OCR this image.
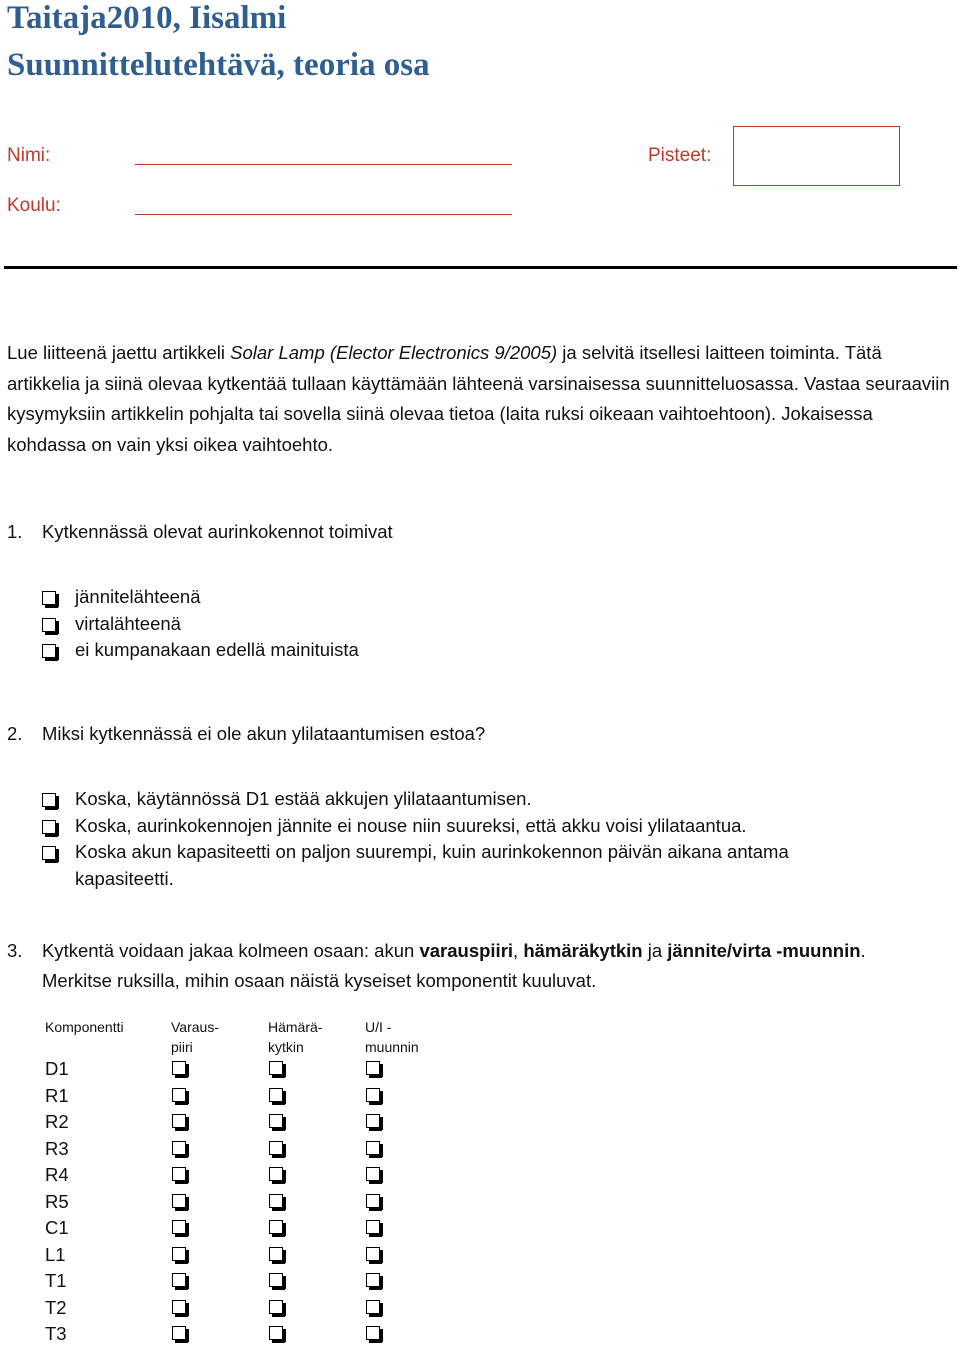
Taitaja2010, Iisalmi
Suunnittelutehtävä, teoria osa
Nimi:
Koulu:
Pisteet:
Lue liitteenä jaettu artikkeli Solar Lamp (Elector Electronics 9/2005) ja selvitä itsellesi laitteen toiminta. Tätä artikkelia ja siinä olevaa kytkentää tullaan käyttämään lähteenä varsinaisessa suunnitteluosassa. Vastaa seuraaviin kysymyksiin artikkelin pohjalta tai sovella siinä olevaa tietoa (laita ruksi oikeaan vaihtoehtoon). Jokaisessa kohdassa on vain yksi oikea vaihtoehto.
1. Kytkennässä olevat aurinkokennot toimivat
jännitelähteenä
virtalähteenä
ei kumpanakaan edellä mainituista
2. Miksi kytkennässä ei ole akun ylilataantumisen estoa?
Koska, käytännössä D1 estää akkujen ylilataantumisen.
Koska, aurinkokennojen jännite ei nouse niin suureksi, että akku voisi ylilataantua.
Koska akun kapasiteetti on paljon suurempi, kuin aurinkokennon päivän aikana antama kapasiteetti.
3. Kytkentä voidaan jakaa kolmeen osaan: akun varauspiiri, hämäräkytkin ja jännite/virta -muunnin.
Merkitse ruksilla, mihin osaan näistä kyseiset komponentit kuuluvat.
Komponentti	Varaus-
piiri
Hämärä-
kytkin
U/I -
muunnin
D1
R1
R2
R3
R4
R5
C1
L1
T1
T2
T3
